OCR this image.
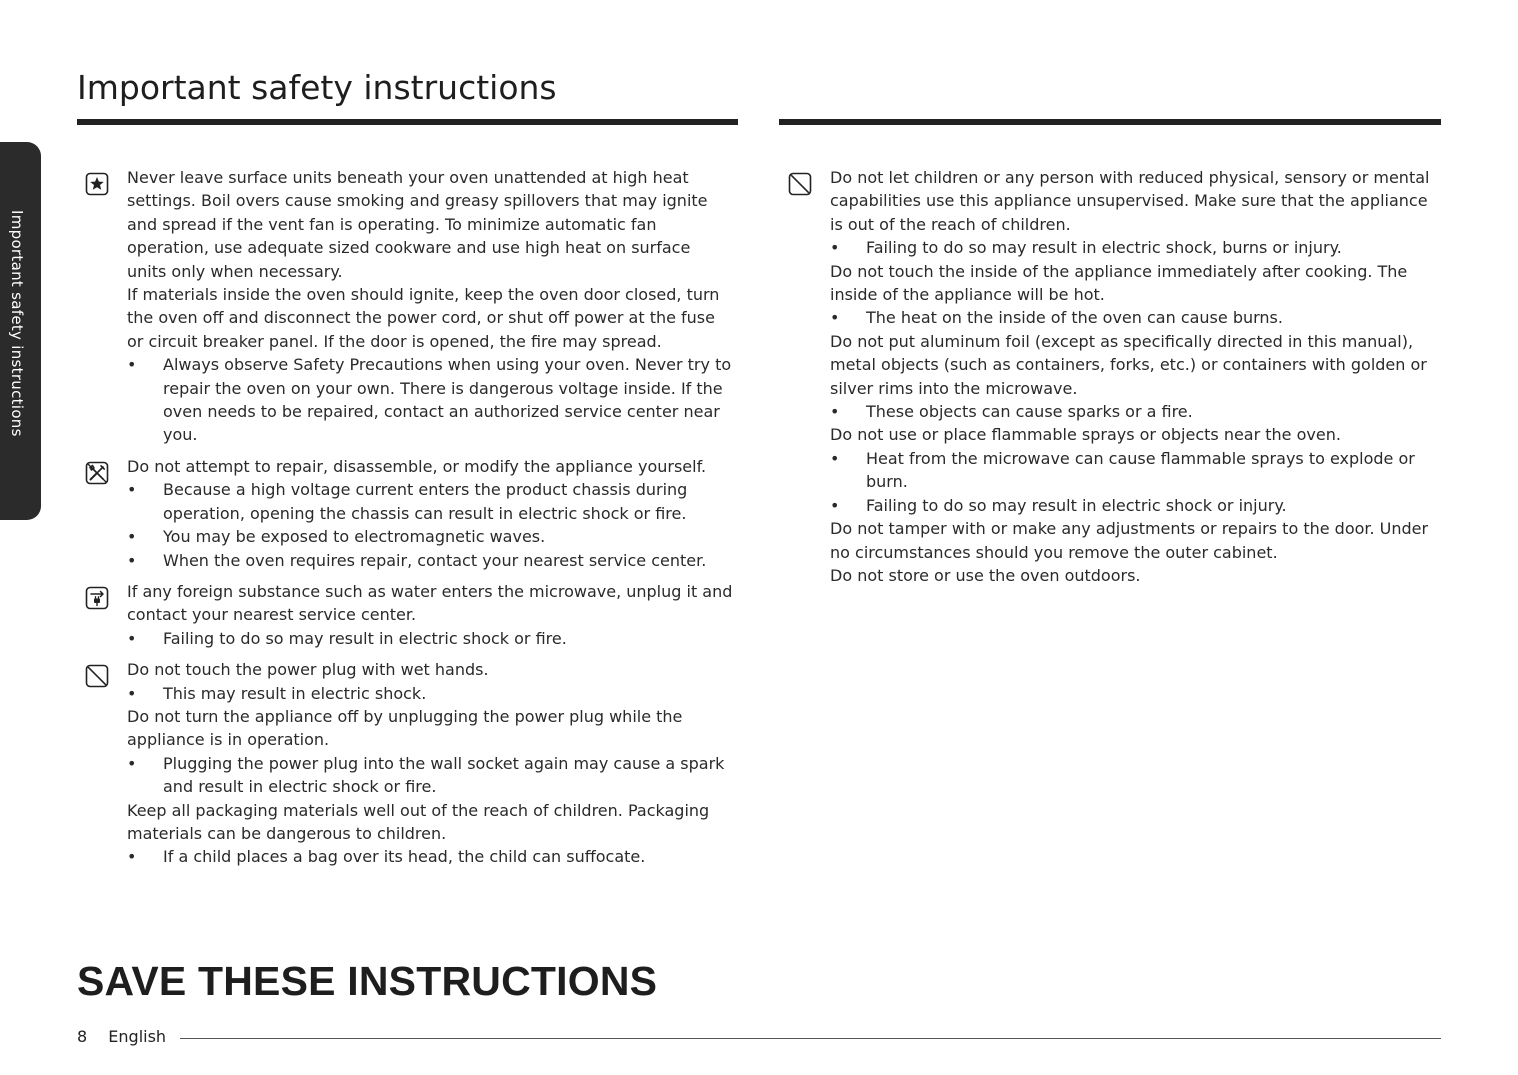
Important safety instructions
Important safety instructions

Never leave surface units beneath your oven unattended at high heat settings. Boil overs cause smoking and greasy spillovers that may ignite and spread if the vent fan is operating. To minimize automatic fan operation, use adequate sized cookware and use high heat on surface units only when necessary.

If materials inside the oven should ignite, keep the oven door closed, turn the oven off and disconnect the power cord, or shut off power at the fuse or circuit breaker panel. If the door is opened, the fire may spread.

• Always observe Safety Precautions when using your oven. Never try to repair the oven on your own. There is dangerous voltage inside. If the oven needs to be repaired, contact an authorized service center near you.

Do not attempt to repair, disassemble, or modify the appliance yourself.

• Because a high voltage current enters the product chassis during operation, opening the chassis can result in electric shock or fire.

• You may be exposed to electromagnetic waves.

• When the oven requires repair, contact your nearest service center.

If any foreign substance such as water enters the microwave, unplug it and contact your nearest service center.

• Failing to do so may result in electric shock or fire.

Do not touch the power plug with wet hands.

• This may result in electric shock.

Do not turn the appliance off by unplugging the power plug while the appliance is in operation.

• Plugging the power plug into the wall socket again may cause a spark and result in electric shock or fire.

Keep all packaging materials well out of the reach of children. Packaging materials can be dangerous to children.

• If a child places a bag over its head, the child can suffocate.

Do not let children or any person with reduced physical, sensory or mental capabilities use this appliance unsupervised. Make sure that the appliance is out of the reach of children.

• Failing to do so may result in electric shock, burns or injury.

Do not touch the inside of the appliance immediately after cooking. The inside of the appliance will be hot.

• The heat on the inside of the oven can cause burns.

Do not put aluminum foil (except as specifically directed in this manual), metal objects (such as containers, forks, etc.) or containers with golden or silver rims into the microwave.

• These objects can cause sparks or a fire.

Do not use or place flammable sprays or objects near the oven.

• Heat from the microwave can cause flammable sprays to explode or burn.

• Failing to do so may result in electric shock or injury.

Do not tamper with or make any adjustments or repairs to the door. Under no circumstances should you remove the outer cabinet.

Do not store or use the oven outdoors.

SAVE THESE INSTRUCTIONS
8 English
